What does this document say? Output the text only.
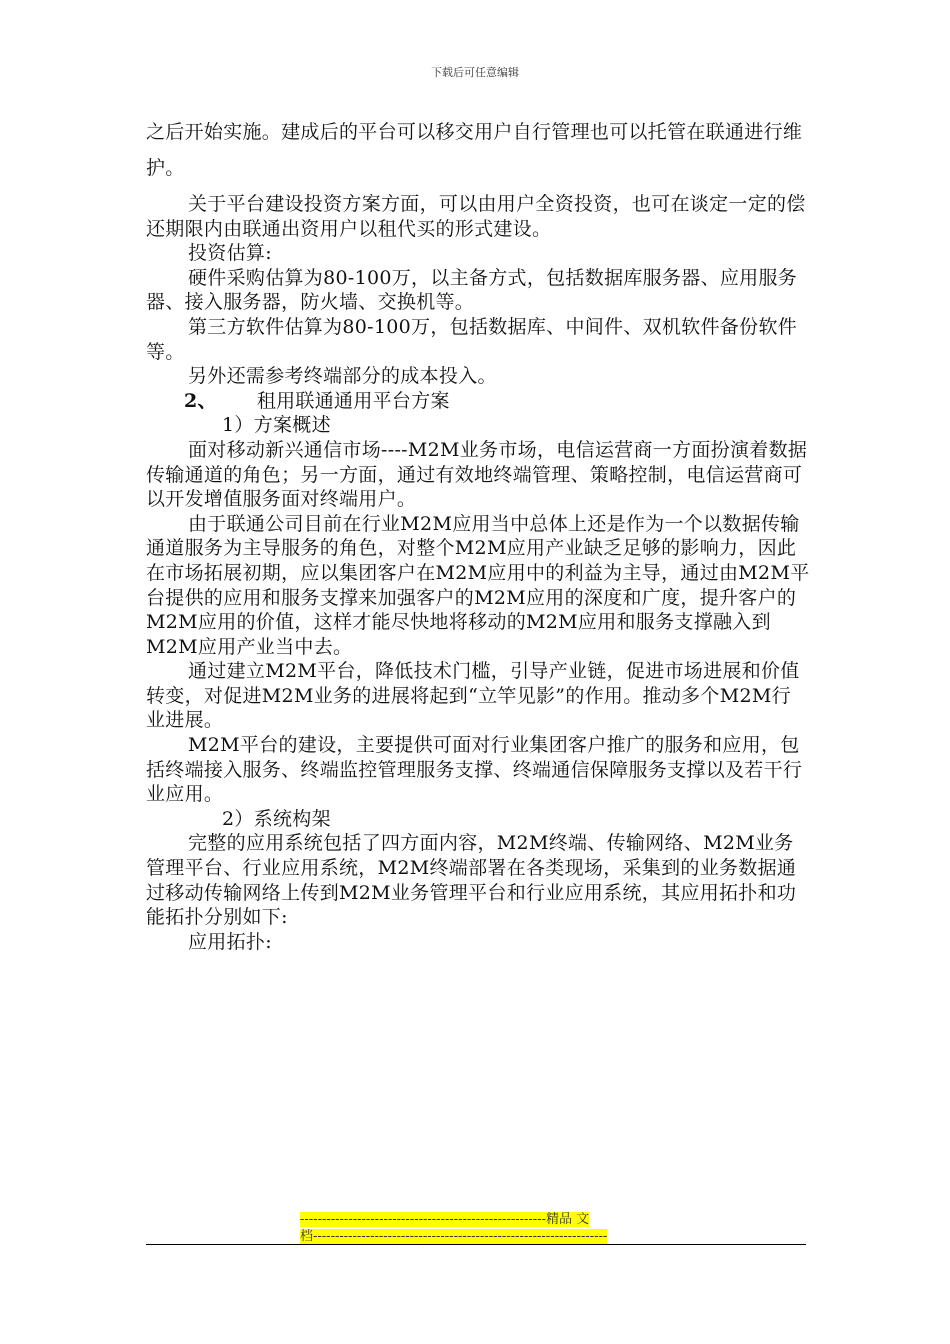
下载后可任意编辑

之后开始实施。建成后的平台可以移交用户自行管理也可以托管在联通进行维护。

关于平台建设投资方案方面，可以由用户全资投资，也可在谈定一定的偿还期限内由联通出资用户以租代买的形式建设。

投资估算:

硬件采购估算为80-100万，以主备方式，包括数据库服务器、应用服务器、接入服务器，防火墙、交换机等。

第三方软件估算为80-100万，包括数据库、中间件、双机软件备份软件等。

另外还需参考终端部分的成本投入。

2、 租用联通通用平台方案

1）方案概述

面对移动新兴通信市场----M2M业务市场，电信运营商一方面扮演着数据传输通道的角色；另一方面，通过有效地终端管理、策略控制，电信运营商可以开发增值服务面对终端用户。

由于联通公司目前在行业M2M应用当中总体上还是作为一个以数据传输通道服务为主导服务的角色，对整个M2M应用产业缺乏足够的影响力，因此在市场拓展初期，应以集团客户在M2M应用中的利益为主导，通过由M2M平台提供的应用和服务支撑来加强客户的M2M应用的深度和广度，提升客户的M2M应用的价值，这样才能尽快地将移动的M2M应用和服务支撑融入到M2M应用产业当中去。

通过建立M2M平台，降低技术门槛，引导产业链，促进市场进展和价值转变，对促进M2M业务的进展将起到“立竿见影”的作用。推动多个M2M行业进展。

M2M平台的建设，主要提供可面对行业集团客户推广的服务和应用，包括终端接入服务、终端监控管理服务支撑、终端通信保障服务支撑以及若干行业应用。

2）系统构架

完整的应用系统包括了四方面内容，M2M终端、传输网络、M2M业务管理平台、行业应用系统，M2M终端部署在各类现场，采集到的业务数据通过移动传输网络上传到M2M业务管理平台和行业应用系统，其应用拓扑和功能拓扑分别如下:

应用拓扑:

--------------------------------------------------------精品 文
档-------------------------------------------------------------------
